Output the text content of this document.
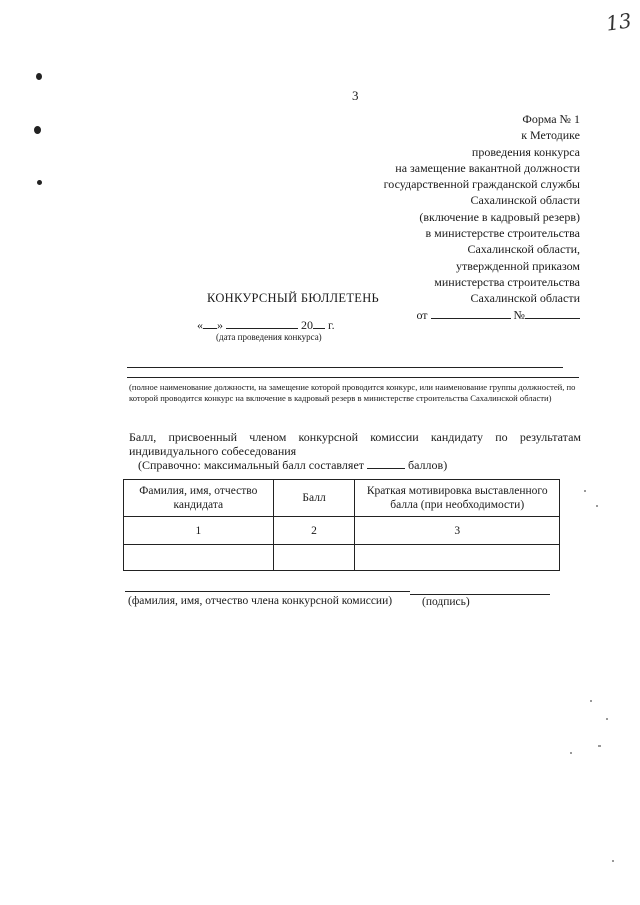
13
3
Форма № 1
к Методике
проведения конкурса
на замещение вакантной должности
государственной гражданской службы
Сахалинской области
(включение в кадровый резерв)
в министерстве строительства
Сахалинской области,
утвержденной приказом
министерства строительства
Сахалинской области
от	№
КОНКУРСНЫЙ БЮЛЛЕТЕНЬ
« »	20 г.
(дата проведения конкурса)
(полное наименование должности, на замещение которой проводится конкурс, или наименование группы должностей, по которой проводится конкурс на включение в кадровый резерв в министерстве строительства Сахалинской области)
Балл, присвоенный членом конкурсной комиссии кандидату по результатам индивидуального собеседования
(Справочно: максимальный балл составляет	баллов)
Фамилия, имя, отчество кандидата	Балл	Краткая мотивировка выставленного балла (при необходимости)
1	2	3

(фамилия, имя, отчество члена конкурсной комиссии)	(подпись)
